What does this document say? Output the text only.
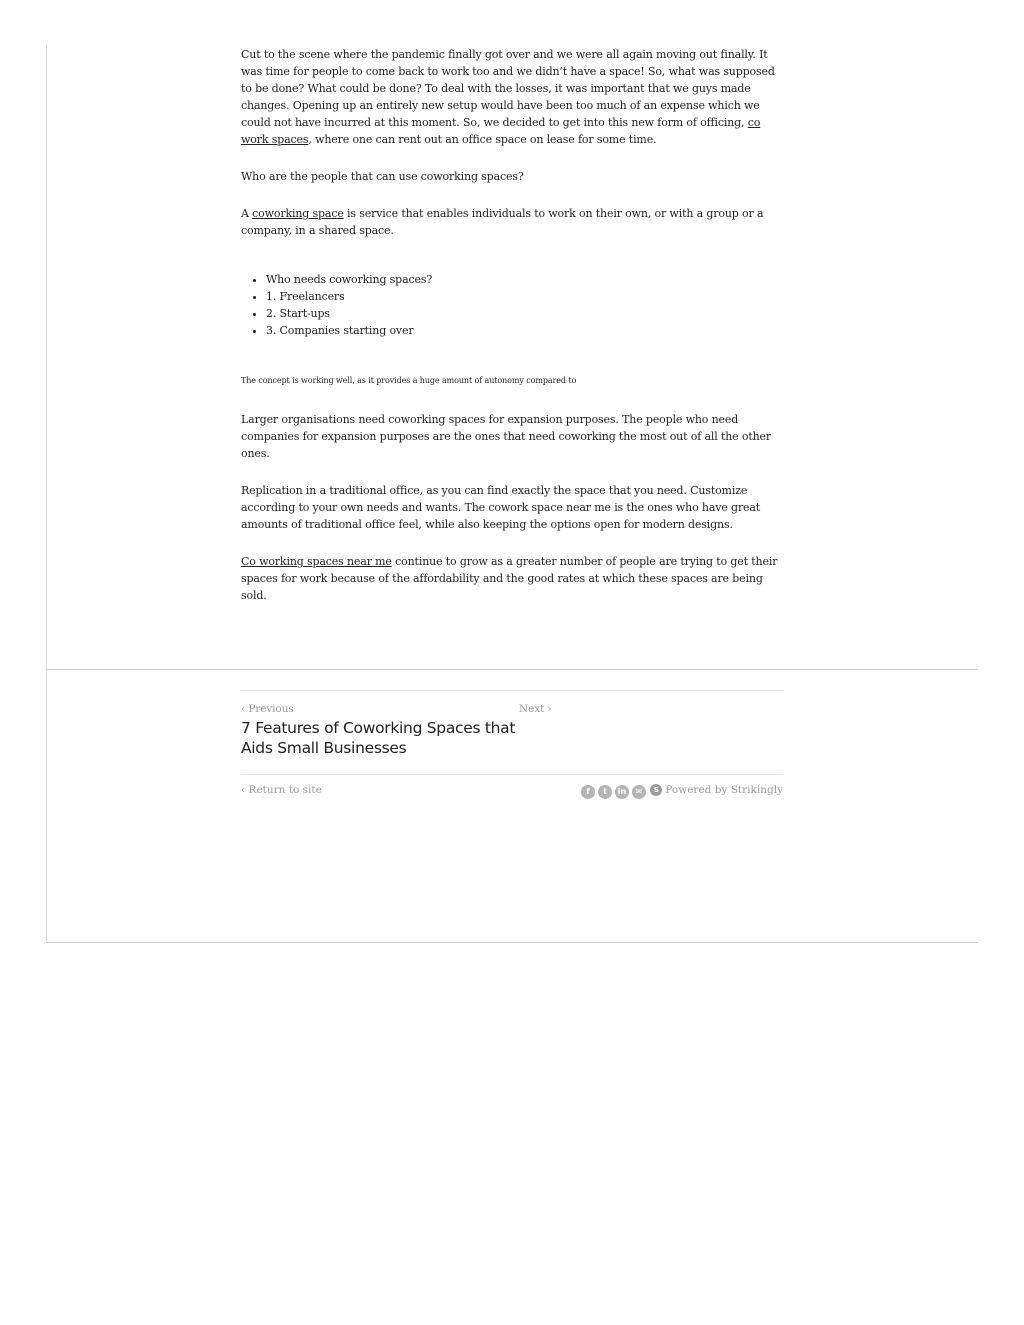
Cut to the scene where the pandemic finally got over and we were all again moving out finally. It was time for people to come back to work too and we didn’t have a space! So, what was supposed to be done? What could be done? To deal with the losses, it was important that we guys made changes. Opening up an entirely new setup would have been too much of an expense which we could not have incurred at this moment. So, we decided to get into this new form of officing, co work spaces, where one can rent out an office space on lease for some time.

Who are the people that can use coworking spaces?

A coworking space is service that enables individuals to work on their own, or with a group or a company, in a shared space.

• Who needs coworking spaces?
• 1. Freelancers
• 2. Start-ups
• 3. Companies starting over

The concept is working well, as it provides a huge amount of autonomy compared to

Larger organisations need coworking spaces for expansion purposes. The people who need companies for expansion purposes are the ones that need coworking the most out of all the other ones.

Replication in a traditional office, as you can find exactly the space that you need. Customize according to your own needs and wants. The cowork space near me is the ones who have great amounts of traditional office feel, while also keeping the options open for modern designs.

Co working spaces near me continue to grow as a greater number of people are trying to get their spaces for work because of the affordability and the good rates at which these spaces are being sold.

‹ Previous
7 Features of Coworking Spaces that Aids Small Businesses
Next ›
‹ Return to site	f	t	in	✉	S Powered by Strikingly
